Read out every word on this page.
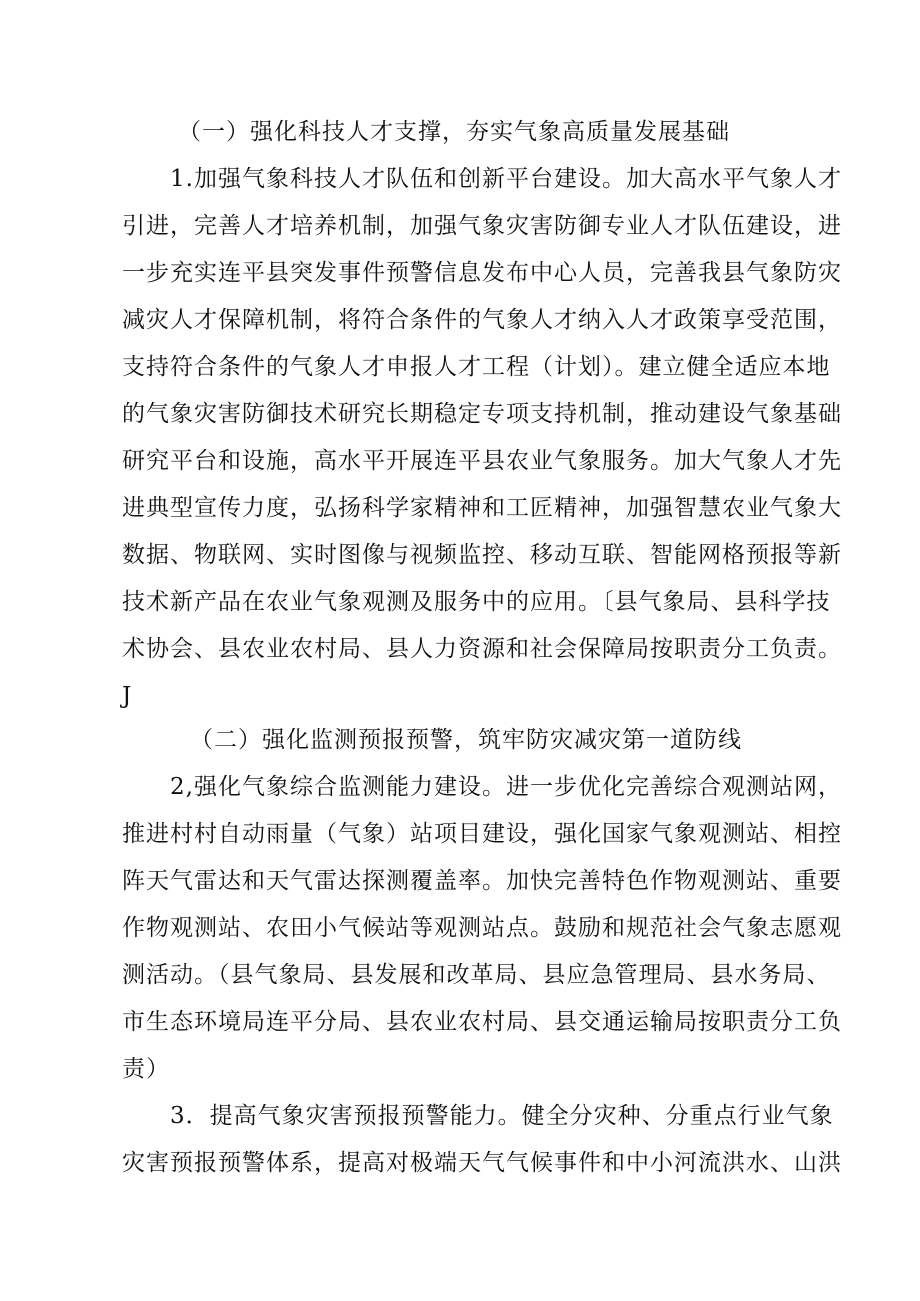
（一）强化科技人才支撑，夯实气象高质量发展基础
1.加强气象科技人才队伍和创新平台建设。加大高水平气象人才
引进，完善人才培养机制，加强气象灾害防御专业人才队伍建设，进
一步充实连平县突发事件预警信息发布中心人员，完善我县气象防灾
减灾人才保障机制，将符合条件的气象人才纳入人才政策享受范围，
支持符合条件的气象人才申报人才工程（计划）。建立健全适应本地
的气象灾害防御技术研究长期稳定专项支持机制，推动建设气象基础
研究平台和设施，高水平开展连平县农业气象服务。加大气象人才先
进典型宣传力度，弘扬科学家精神和工匠精神，加强智慧农业气象大
数据、物联网、实时图像与视频监控、移动互联、智能网格预报等新
技术新产品在农业气象观测及服务中的应用。〔县气象局、县科学技
术协会、县农业农村局、县人力资源和社会保障局按职责分工负责。
J
（二）强化监测预报预警，筑牢防灾减灾第一道防线
2,强化气象综合监测能力建设。进一步优化完善综合观测站网，
推进村村自动雨量（气象）站项目建设，强化国家气象观测站、相控
阵天气雷达和天气雷达探测覆盖率。加快完善特色作物观测站、重要
作物观测站、农田小气候站等观测站点。鼓励和规范社会气象志愿观
测活动。（县气象局、县发展和改革局、县应急管理局、县水务局、
市生态环境局连平分局、县农业农村局、县交通运输局按职责分工负
责）
3．提高气象灾害预报预警能力。健全分灾种、分重点行业气象
灾害预报预警体系，提高对极端天气气候事件和中小河流洪水、山洪
